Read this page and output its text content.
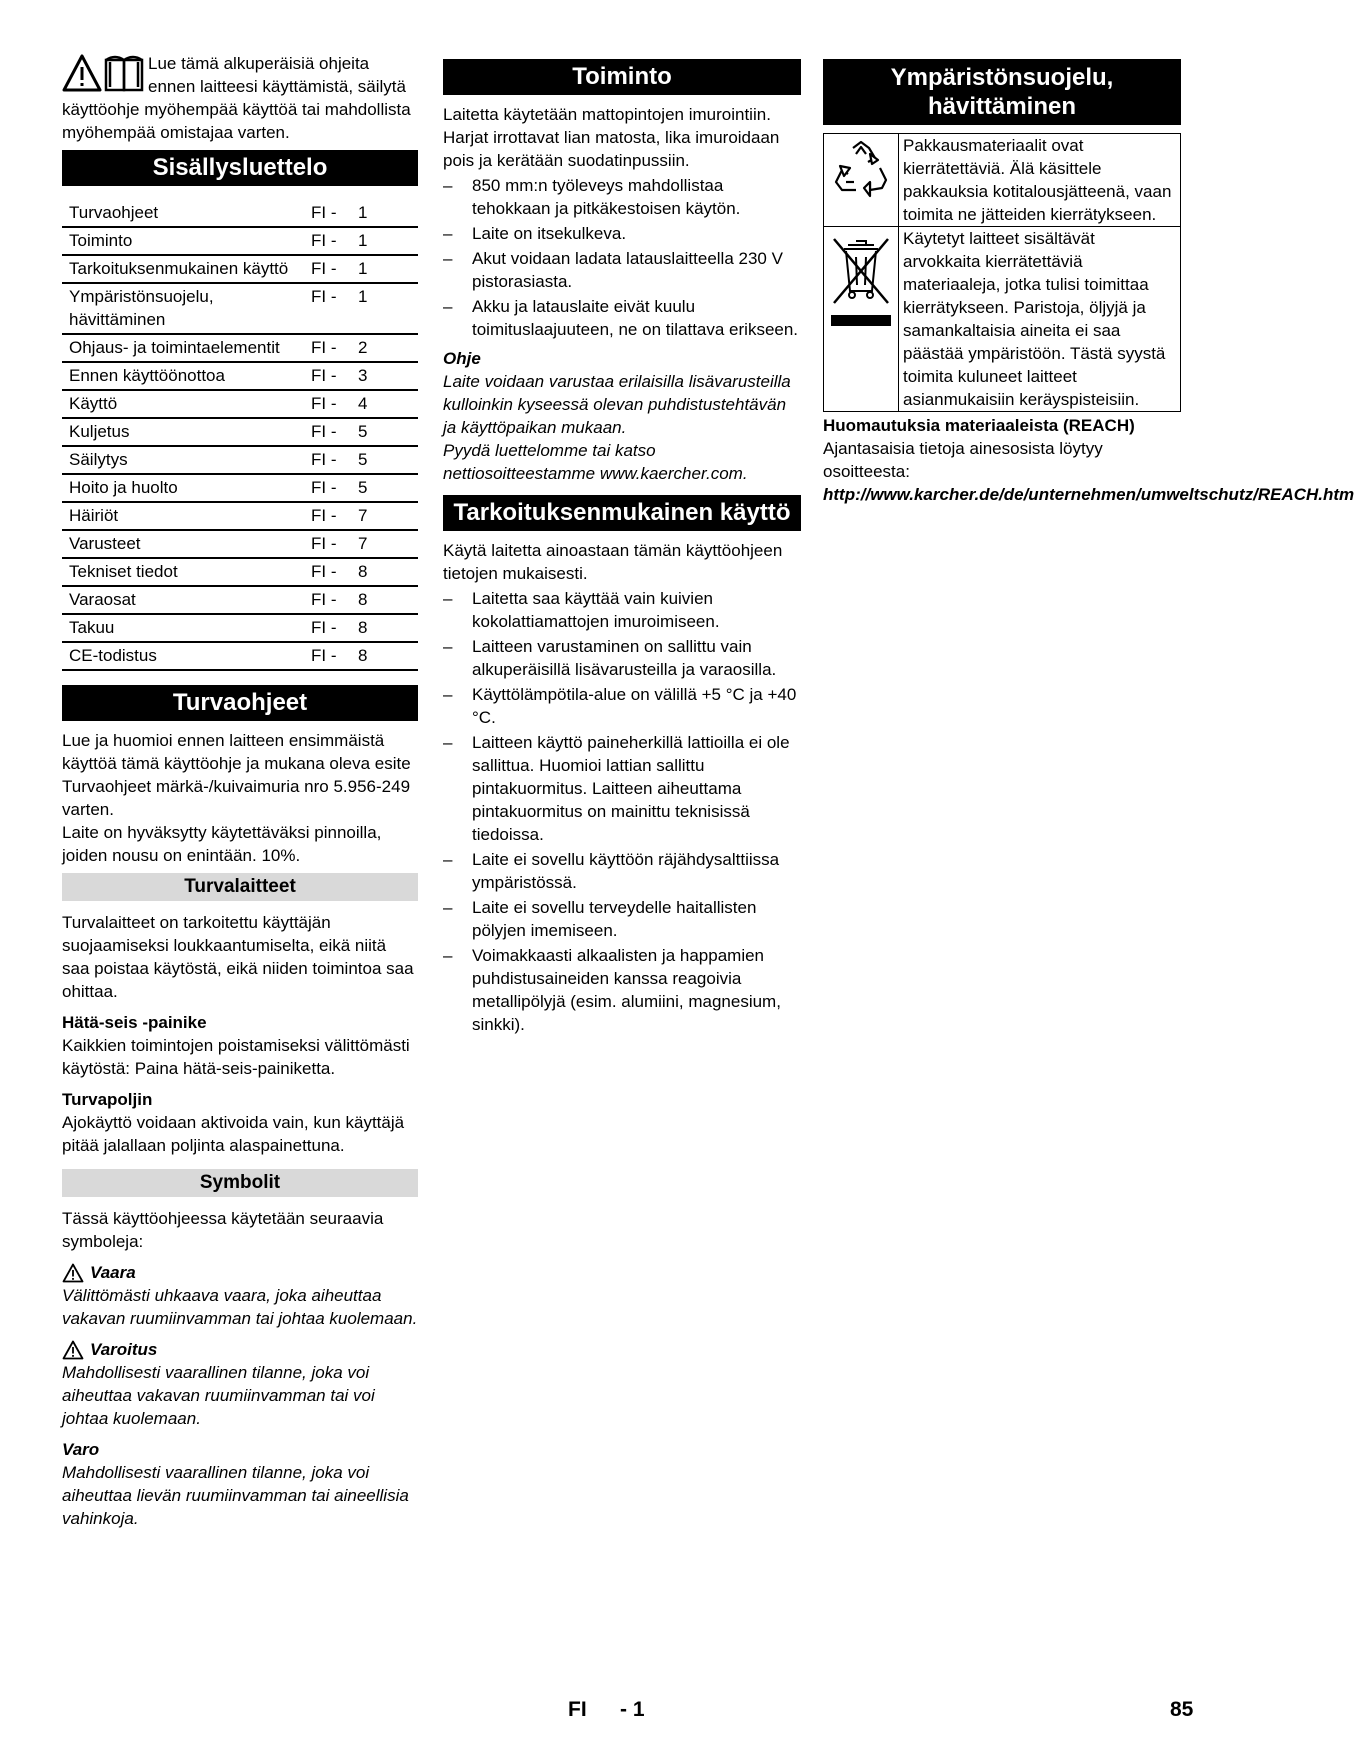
Lue tämä alkuperäisiä ohjeita ennen laitteesi käyttämistä, säilytä käyttöohje myöhempää käyttöä tai mahdollista myöhempää omistajaa varten.

Sisällysluettelo
Turvaohjeet	FI -	1
Toiminto	FI -	1
Tarkoituksenmukainen käyttö	FI -	1
Ympäristönsuojelu, hävittäminen	FI -	1
Ohjaus- ja toimintaelementit	FI -	2
Ennen käyttöönottoa	FI -	3
Käyttö	FI -	4
Kuljetus	FI -	5
Säilytys	FI -	5
Hoito ja huolto	FI -	5
Häiriöt	FI -	7
Varusteet	FI -	7
Tekniset tiedot	FI -	8
Varaosat	FI -	8
Takuu	FI -	8
CE-todistus	FI -	8
Turvaohjeet

Lue ja huomioi ennen laitteen ensimmäistä käyttöä tämä käyttöohje ja mukana oleva esite Turvaohjeet märkä-/kuivaimuria nro 5.956-249 varten.

Laite on hyväksytty käytettäväksi pinnoilla, joiden nousu on enintään. 10%.

Turvalaitteet

Turvalaitteet on tarkoitettu käyttäjän suojaamiseksi loukkaantumiselta, eikä niitä saa poistaa käytöstä, eikä niiden toimintoa saa ohittaa.

Hätä-seis -painike

Kaikkien toimintojen poistamiseksi välittömästi käytöstä: Paina hätä-seis-painiketta.

Turvapoljin

Ajokäyttö voidaan aktivoida vain, kun käyttäjä pitää jalallaan poljinta alaspainettuna.

Symbolit

Tässä käyttöohjeessa käytetään seuraavia symboleja:

Vaara

Välittömästi uhkaava vaara, joka aiheuttaa vakavan ruumiinvamman tai johtaa kuolemaan.

Varoitus

Mahdollisesti vaarallinen tilanne, joka voi aiheuttaa vakavan ruumiinvamman tai voi johtaa kuolemaan.

Varo

Mahdollisesti vaarallinen tilanne, joka voi aiheuttaa lievän ruumiinvamman tai aineellisia vahinkoja.

Toiminto

Laitetta käytetään mattopintojen imurointiin. Harjat irrottavat lian matosta, lika imuroidaan pois ja kerätään suodatinpussiin.

– 850 mm:n työleveys mahdollistaa tehokkaan ja pitkäkestoisen käytön.
– Laite on itsekulkeva.
– Akut voidaan ladata latauslaitteella 230 V pistorasiasta.
– Akku ja latauslaite eivät kuulu toimituslaajuuteen, ne on tilattava erikseen.

Ohje

Laite voidaan varustaa erilaisilla lisävarusteilla kulloinkin kyseessä olevan puhdistustehtävän ja käyttöpaikan mukaan.

Pyydä luettelomme tai katso nettiosoitteestamme www.kaercher.com.

Tarkoituksenmukainen käyttö

Käytä laitetta ainoastaan tämän käyttöohjeen tietojen mukaisesti.

– Laitetta saa käyttää vain kuivien kokolattiamattojen imuroimiseen.
– Laitteen varustaminen on sallittu vain alkuperäisillä lisävarusteilla ja varaosilla.
– Käyttölämpötila-alue on välillä +5 °C ja +40 °C.
– Laitteen käyttö paineherkillä lattioilla ei ole sallittua. Huomioi lattian sallittu pintakuormitus. Laitteen aiheuttama pintakuormitus on mainittu teknisissä tiedoissa.
– Laite ei sovellu käyttöön räjähdysalttiissa ympäristössä.
– Laite ei sovellu terveydelle haitallisten pölyjen imemiseen.
– Voimakkaasti alkaalisten ja happamien puhdistusaineiden kanssa reagoivia metallipölyjä (esim. alumiini, magnesium, sinkki).
Ympäristönsuojelu, hävittäminen
	Pakkausmateriaalit ovat kierrätettäviä. Älä käsittele pakkauksia kotitalousjätteenä, vaan toimita ne jätteiden kierrätykseen.
	Käytetyt laitteet sisältävät arvokkaita kierrätettäviä materiaaleja, jotka tulisi toimittaa kierrätykseen. Paristoja, öljyjä ja samankaltaisia aineita ei saa päästää ympäristöön. Tästä syystä toimita kuluneet laitteet asianmukaisiin keräyspisteisiin.

Huomautuksia materiaaleista (REACH)

Ajantasaisia tietoja ainesosista löytyy osoitteesta:

http://www.karcher.de/de/unternehmen/umweltschutz/REACH.htm

FI - 1	85
